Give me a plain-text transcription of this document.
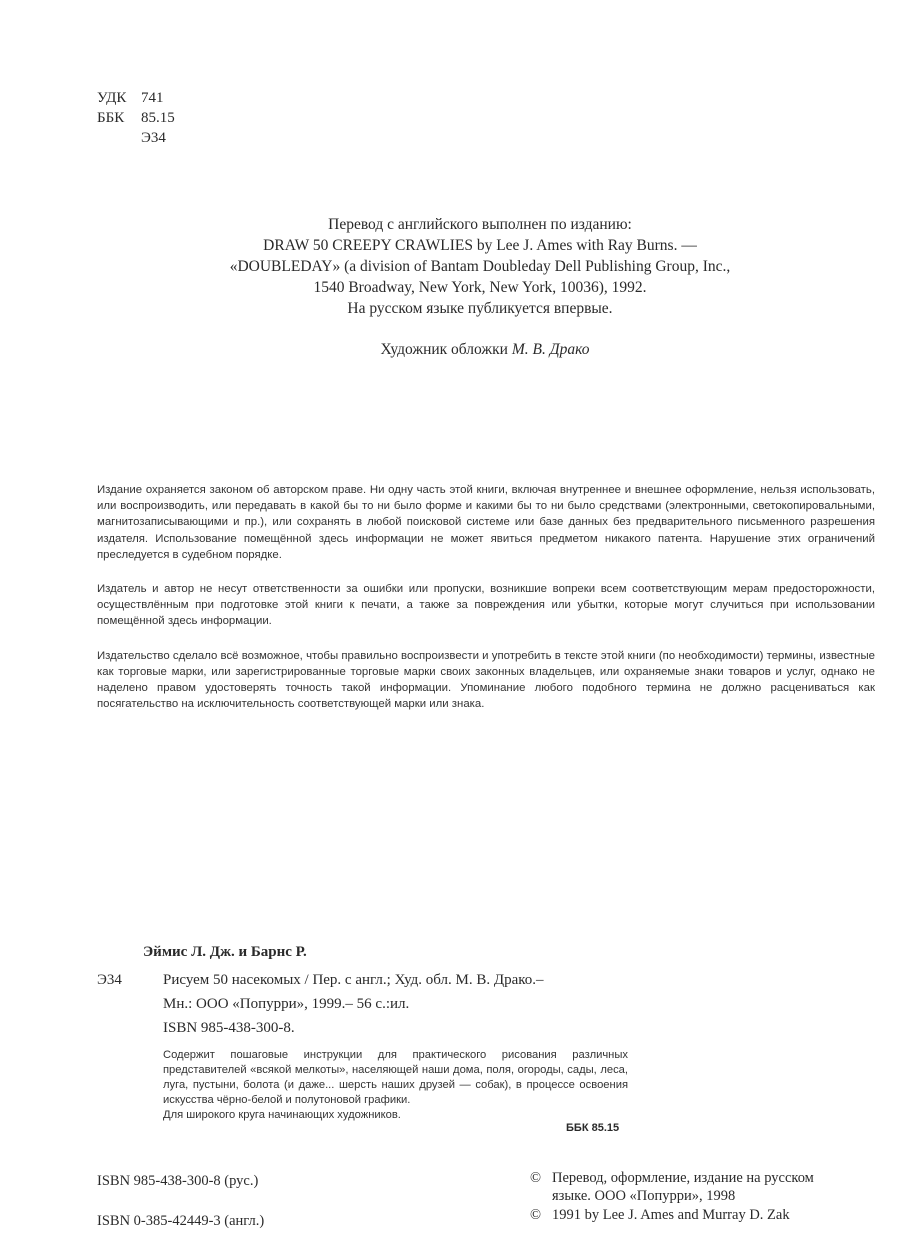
УДК 741
ББК	85.15
Э34
Перевод с английского выполнен по изданию:
DRAW 50 CREEPY CRAWLIES by Lee J. Ames with Ray Burns. —
«DOUBLEDAY» (a division of Bantam Doubleday Dell Publishing Group, Inc.,
1540 Broadway, New York, New York, 10036), 1992.
На русском языке публикуется впервые.
Художник обложки М. В. Драко

Издание охраняется законом об авторском праве. Ни одну часть этой книги, включая внутреннее и внешнее оформление, нельзя использовать, или воспроизводить, или передавать в какой бы то ни было форме и какими бы то ни было средствами (электронными, светокопировальными, магнитозаписывающими и пр.), или сохранять в любой поисковой системе или базе данных без предварительного письменного разрешения издателя. Использование помещённой здесь информации не может явиться предметом никакого патента. Нарушение этих ограничений преследуется в судебном порядке.

Издатель и автор не несут ответственности за ошибки или пропуски, возникшие вопреки всем соответствующим мерам предосторожности, осуществлённым при подготовке этой книги к печати, а также за повреждения или убытки, которые могут случиться при использовании помещённой здесь информации.

Издательство сделало всё возможное, чтобы правильно воспроизвести и употребить в тексте этой книги (по необходимости) термины, известные как торговые марки, или зарегистрированные торговые марки своих законных владельцев, или охраняемые знаки товаров и услуг, однако не наделено правом удостоверять точность такой информации. Упоминание любого подобного термина не должно расцениваться как посягательство на исключительность соответствующей марки или знака.

Эймис Л. Дж. и Барнс Р.
Э34	Рисуем 50 насекомых / Пер. с англ.; Худ. обл. М. В. Драко.–
Мн.: ООО «Попурри», 1999.– 56 с.:ил.
ISBN 985-438-300-8.

Содержит пошаговые инструкции для практического рисования различных представителей «всякой мелкоты», населяющей наши дома, поля, огороды, сады, леса, луга, пустыни, болота (и даже... шерсть наших друзей — собак), в процессе освоения искусства чёрно-белой и полутоновой графики.

Для широкого круга начинающих художников.

ББК 85.15
ISBN 985-438-300-8 (рус.)
ISBN 0-385-42449-3 (англ.)
© Перевод, оформление, издание на русском
языке. ООО «Попурри», 1998
© 1991 by Lee J. Ames and Murray D. Zak
